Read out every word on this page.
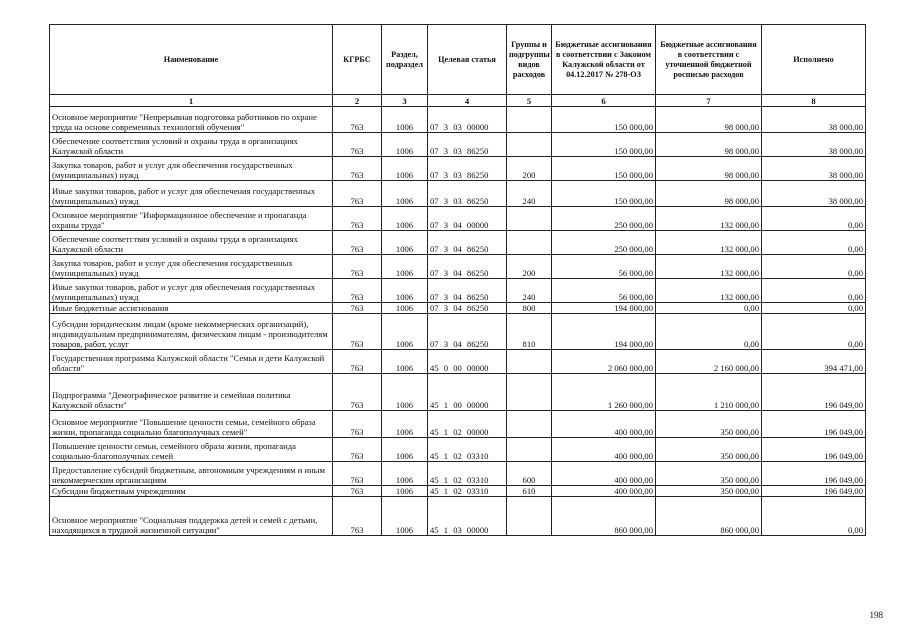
Наименование	КГРБС	Раздел, подраздел	Целевая статья	Группы и подгруппы видов расходов	Бюджетные ассигнования в соответствии с Законом Калужской области от 04.12.2017 № 278-ОЗ	Бюджетные ассигнования в соответствии с уточненной бюджетной росписью расходов	Исполнено
1	2	3	4	5	6	7	8
Основное мероприятие "Непрерывная подготовка работников по охране труда на основе современных технологий обучения"	763	1006	07 3 03 00000		150 000,00	98 000,00	38 000,00
Обеспечение соответствия условий и охраны труда в организациях Калужской области	763	1006	07 3 03 86250		150 000,00	98 000,00	38 000,00
Закупка товаров, работ и услуг для обеспечения государственных (муниципальных) нужд	763	1006	07 3 03 86250	200	150 000,00	98 000,00	38 000,00
Иные закупки товаров, работ и услуг для обеспечения государственных (муниципальных) нужд	763	1006	07 3 03 86250	240	150 000,00	98 000,00	38 000,00
Основное мероприятие "Информационное обеспечение и пропаганда охраны труда"	763	1006	07 3 04 00000		250 000,00	132 000,00	0,00
Обеспечение соответствия условий и охраны труда в организациях Калужской области	763	1006	07 3 04 86250		250 000,00	132 000,00	0,00
Закупка товаров, работ и услуг для обеспечения государственных (муниципальных) нужд	763	1006	07 3 04 86250	200	56 000,00	132 000,00	0,00
Иные закупки товаров, работ и услуг для обеспечения государственных (муниципальных) нужд	763	1006	07 3 04 86250	240	56 000,00	132 000,00	0,00
Иные бюджетные ассигнования	763	1006	07 3 04 86250	800	194 000,00	0,00	0,00
Субсидии юридическим лицам (кроме некоммерческих организаций), индивидуальным предпринимателям, физическим лицам - производителям товаров, работ, услуг	763	1006	07 3 04 86250	810	194 000,00	0,00	0,00
Государственная программа Калужской области "Семья и дети Калужской области"	763	1006	45 0 00 00000		2 060 000,00	2 160 000,00	394 471,00
Подпрограмма "Демографическое развитие и семейная политика Калужской области"	763	1006	45 1 00 00000		1 260 000,00	1 210 000,00	196 049,00
Основное мероприятие "Повышение ценности семьи, семейного образа жизни, пропаганда социально благополучных семей"	763	1006	45 1 02 00000		400 000,00	350 000,00	196 049,00
Повышение ценности семьи, семейного образа жизни, пропаганда социально-благополучных семей	763	1006	45 1 02 03310		400 000,00	350 000,00	196 049,00
Предоставление субсидий бюджетным, автономным учреждениям и иным некоммерческим организациям	763	1006	45 1 02 03310	600	400 000,00	350 000,00	196 049,00
Субсидии бюджетным учреждениям	763	1006	45 1 02 03310	610	400 000,00	350 000,00	196 049,00
Основное мероприятие "Социальная поддержка детей и семей с детьми, находящихся в трудной жизненной ситуации"	763	1006	45 1 03 00000		860 000,00	860 000,00	0,00
198
